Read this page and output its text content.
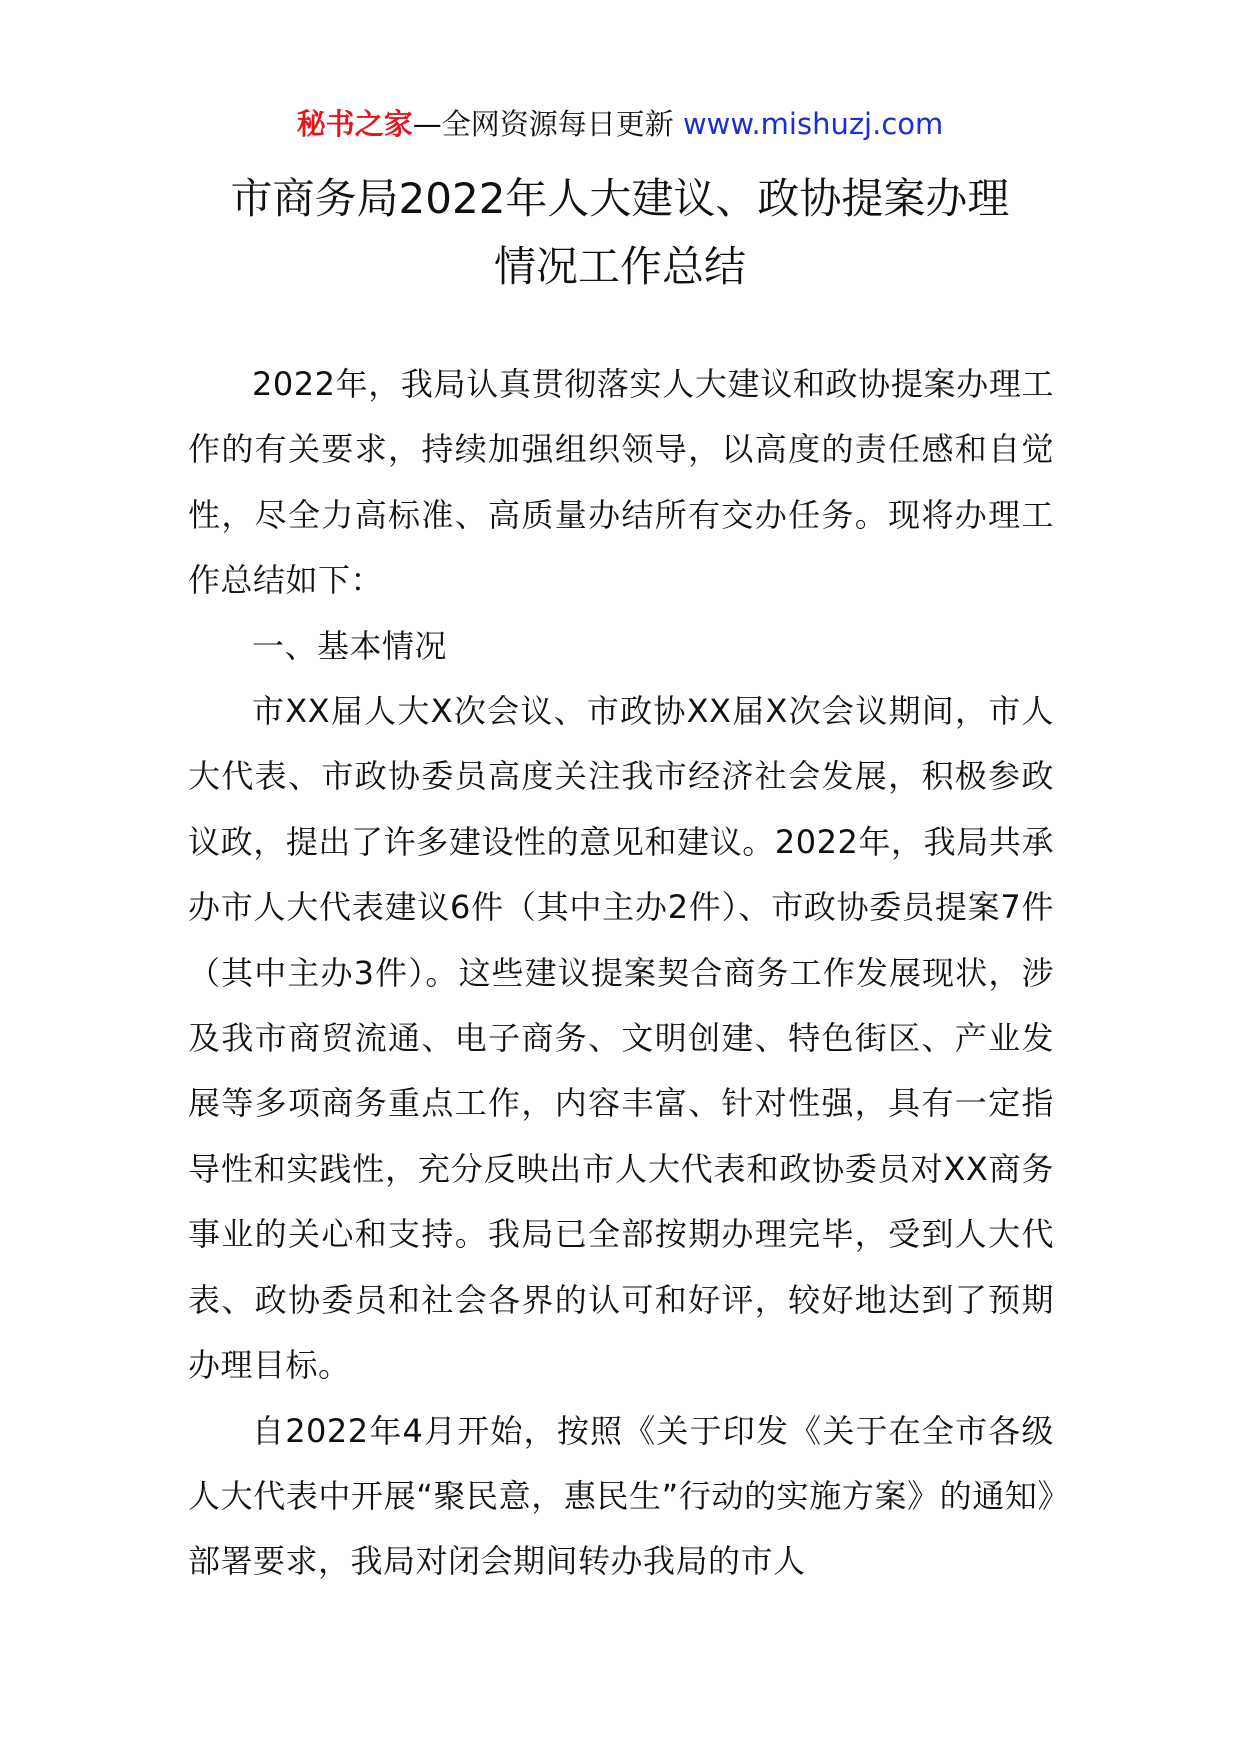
秘书之家—全网资源每日更新 www.mishuzj.com
市商务局2022年人大建议、政协提案办理
情况工作总结

2022年，我局认真贯彻落实人大建议和政协提案办理工作的有关要求，持续加强组织领导，以高度的责任感和自觉性，尽全力高标准、高质量办结所有交办任务。现将办理工作总结如下：

一、基本情况

市XX届人大X次会议、市政协XX届X次会议期间，市人大代表、市政协委员高度关注我市经济社会发展，积极参政议政，提出了许多建设性的意见和建议。2022年，我局共承办市人大代表建议6件（其中主办2件）、市政协委员提案7件（其中主办3件）。这些建议提案契合商务工作发展现状，涉及我市商贸流通、电子商务、文明创建、特色街区、产业发展等多项商务重点工作，内容丰富、针对性强，具有一定指导性和实践性，充分反映出市人大代表和政协委员对XX商务事业的关心和支持。我局已全部按期办理完毕，受到人大代表、政协委员和社会各界的认可和好评，较好地达到了预期办理目标。

自2022年4月开始，按照《关于印发《关于在全市各级人大代表中开展“聚民意，惠民生”行动的实施方案》的通知》部署要求，我局对闭会期间转办我局的市人
